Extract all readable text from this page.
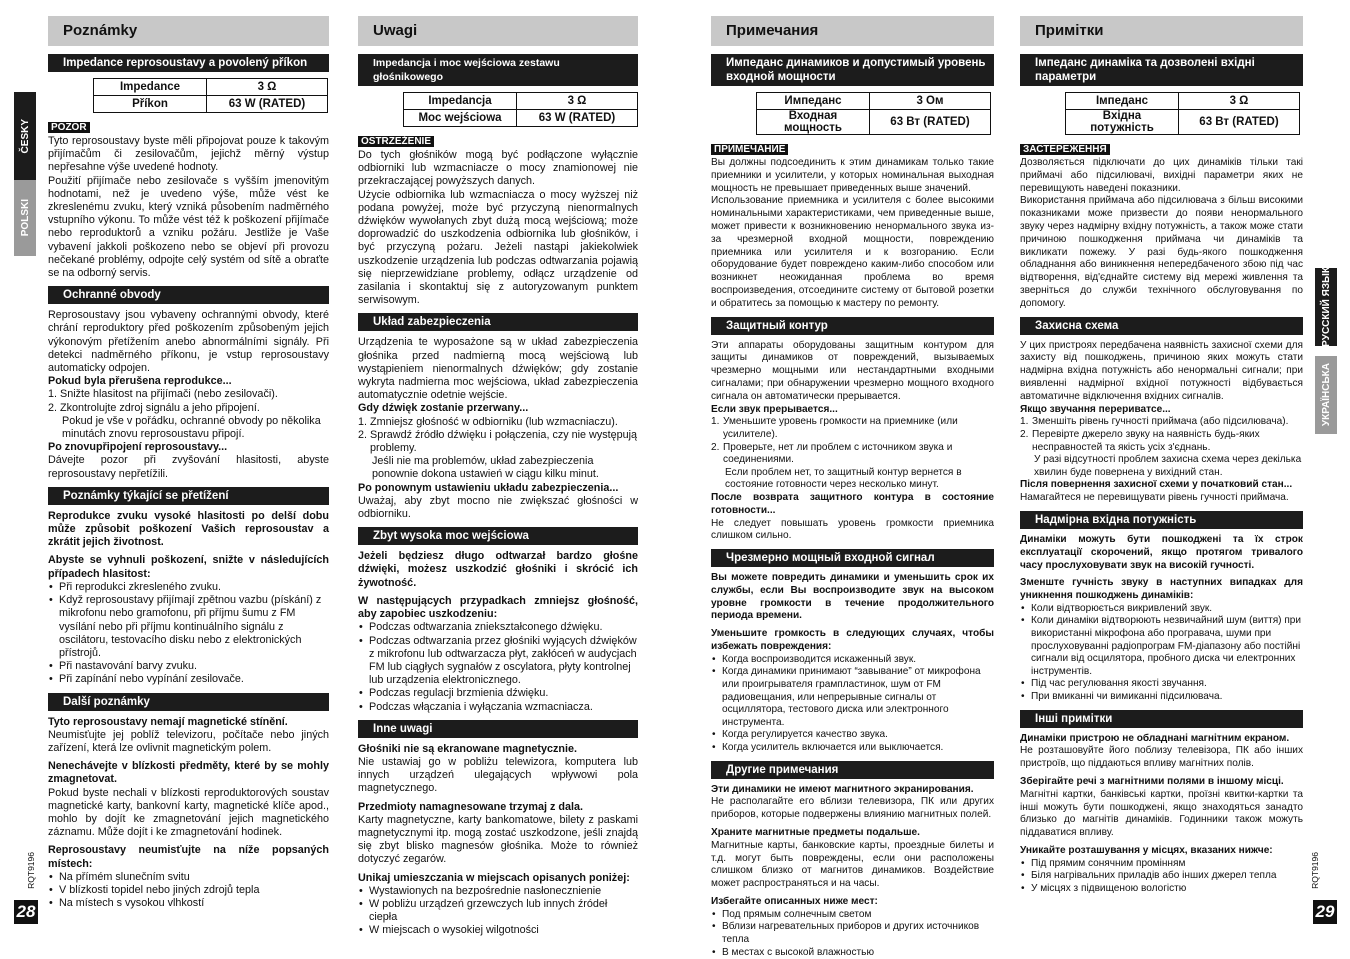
ČESKY
POLSKI
RQT9196
28
РУССКИЙ ЯЗЫК
УКРАЇНСЬКА
RQT9196
29
Poznámky
Impedance reprosoustavy a povolený příkon
Impedance	3 Ω
Příkon	63 W (RATED)
POZOR

Tyto reprosoustavy byste měli připojovat pouze k takovým přijímačům či zesilovačům, jejichž měrný výstup nepřesahne výše uvedené hodnoty.

Použití přijímače nebo zesilovače s vyšším jmenovitým hodnotami, než je uvedeno výše, může vést ke zkreslenému zvuku, který vzniká působením nadměrného vstupního výkonu. To může vést též k poškození přijímače nebo reproduktorů a vzniku požáru. Jestliže je Vaše vybavení jakkoli poškozeno nebo se objeví při provozu nečekané problémy, odpojte celý systém od sítě a obraťte se na odborný servis.

Ochranné obvody

Reprosoustavy jsou vybaveny ochrannými obvody, které chrání reproduktory před poškozením způsobeným jejich výkonovým přetížením anebo abnormálními signály. Při detekci nadměrného příkonu, je vstup reprosoustavy automaticky odpojen.

Pokud byla přerušena reprodukce...

1. Snižte hlasitost na přijímači (nebo zesilovači).
2. Zkontrolujte zdroj signálu a jeho připojení.
Pokud je vše v pořádku, ochranné obvody po několika minutách znovu reprosoustavu připojí.

Po znovupřipojení reprosoustavy...

Dávejte pozor při zvyšování hlasitosti, abyste reprosoustavy nepřetížili.

Poznámky týkající se přetížení

Reprodukce zvuku vysoké hlasitosti po delší dobu může způsobit poškození Vašich reprosoustav a zkrátit jejich životnost.

Abyste se vyhnuli poškození, snižte v následujících případech hlasitost:

• Při reprodukci zkresleného zvuku.
• Když reprosoustavy přijímají zpětnou vazbu (pískání) z mikrofonu nebo gramofonu, při příjmu šumu z FM vysílání nebo při příjmu kontinuálního signálu z oscilátoru, testovacího disku nebo z elektronických přístrojů.
• Při nastavování barvy zvuku.
• Při zapínání nebo vypínání zesilovače.
Další poznámky

Tyto reprosoustavy nemají magnetické stínění.

Neumisťujte jej poblíž televizoru, počítače nebo jiných zařízení, která lze ovlivnit magnetickým polem.

Nenechávejte v blízkosti předměty, které by se mohly zmagnetovat.

Pokud byste nechali v blízkosti reproduktorových soustav magnetické karty, bankovní karty, magnetické klíče apod., mohlo by dojít ke zmagnetování jejich magnetického záznamu. Může dojít i ke zmagnetování hodinek.

Reprosoustavy neumisťujte na níže popsaných místech:

• Na přímém slunečním svitu
• V blízkosti topidel nebo jiných zdrojů tepla
• Na místech s vysokou vlhkostí
Uwagi
Impedancja i moc wejściowa zestawu głośnikowego
Impedancja	3 Ω
Moc wejściowa	63 W (RATED)
OSTRZEŻENIE

Do tych głośników mogą być podłączone wyłącznie odbiorniki lub wzmacniacze o mocy znamionowej nie przekraczającej powyższych danych.

Użycie odbiornika lub wzmacniacza o mocy wyższej niż podana powyżej, może być przyczyną nienormalnych dźwięków wywołanych zbyt dużą mocą wejściową; może doprowadzić do uszkodzenia odbiornika lub głośników, i być przyczyną pożaru. Jeżeli nastąpi jakiekolwiek uszkodzenie urządzenia lub podczas odtwarzania pojawią się nieprzewidziane problemy, odłącz urządzenie od zasilania i skontaktuj się z autoryzowanym punktem serwisowym.

Układ zabezpieczenia

Urządzenia te wyposażone są w układ zabezpieczenia głośnika przed nadmierną mocą wejściową lub wystąpieniem nienormalnych dźwięków; gdy zostanie wykryta nadmierna moc wejściowa, układ zabezpieczenia automatycznie odetnie wejście.

Gdy dźwięk zostanie przerwany...

1. Zmniejsz głośność w odbiorniku (lub wzmacniaczu).
2. Sprawdź źródło dźwięku i połączenia, czy nie występują problemy.
Jeśli nie ma problemów, układ zabezpieczenia ponownie dokona ustawień w ciągu kilku minut.

Po ponownym ustawieniu układu zabezpieczenia...

Uważaj, aby zbyt mocno nie zwiększać głośności w odbiorniku.

Zbyt wysoka moc wejściowa

Jeżeli będziesz długo odtwarzał bardzo głośne dźwięki, możesz uszkodzić głośniki i skrócić ich żywotność.

W następujących przypadkach zmniejsz głośność, aby zapobiec uszkodzeniu:

• Podczas odtwarzania zniekształconego dźwięku.
• Podczas odtwarzania przez głośniki wyjących dźwięków z mikrofonu lub odtwarzacza płyt, zakłóceń w audycjach FM lub ciągłych sygnałów z oscylatora, płyty kontrolnej lub urządzenia elektronicznego.
• Podczas regulacji brzmienia dźwięku.
• Podczas włączania i wyłączania wzmacniacza.
Inne uwagi

Głośniki nie są ekranowane magnetycznie.

Nie ustawiaj go w pobliżu telewizora, komputera lub innych urządzeń ulegających wpływowi pola magnetycznego.

Przedmioty namagnesowane trzymaj z dala.

Karty magnetyczne, karty bankomatowe, bilety z paskami magnetycznymi itp. mogą zostać uszkodzone, jeśli znajdą się zbyt blisko magnesów głośnika. Może to również dotyczyć zegarów.

Unikaj umieszczania w miejscach opisanych poniżej:

• Wystawionych na bezpośrednie nasłonecznienie
• W pobliżu urządzeń grzewczych lub innych źródeł ciepła
• W miejscach o wysokiej wilgotności
Примечания
Импеданс динамиков и допустимый уровень входной мощности
Импеданс	3 Ом
Входная мощность	63 Вт (RATED)
ПРИМЕЧАНИЕ

Вы должны подсоединить к этим динамикам только такие приемники и усилители, у которых номинальная выходная мощность не превышает приведенных выше значений.

Использование приемника и усилителя с более высокими номинальными характеристиками, чем приведенные выше, может привести к возникновению ненормального звука из-за чрезмерной входной мощности, повреждению приемника или усилителя и к возгоранию. Если оборудование будет повреждено каким-либо способом или возникнет неожиданная проблема во время воспроизведения, отсоедините систему от бытовой розетки и обратитесь за помощью к мастеру по ремонту.

Защитный контур

Эти аппараты оборудованы защитным контуром для защиты динамиков от повреждений, вызываемых чрезмерно мощными или нестандартными входными сигналами; при обнаружении чрезмерно мощного входного сигнала он автоматически прерывается.

Если звук прерывается...

1. Уменьшите уровень громкости на приемнике (или усилителе).
2. Проверьте, нет ли проблем с источником звука и соединениями.
Если проблем нет, то защитный контур вернется в состояние готовности через несколько минут.

После возврата защитного контура в состояние готовности...

Не следует повышать уровень громкости приемника слишком сильно.

Чрезмерно мощный входной сигнал

Вы можете повредить динамики и уменьшить срок их службы, если Вы воспроизводите звук на высоком уровне громкости в течение продолжительного периода времени.

Уменьшите громкость в следующих случаях, чтобы избежать повреждения:

• Когда воспроизводится искаженный звук.
• Когда динамики принимают “завывание” от микрофона или проигрывателя грампластинок, шум от FM радиовещания, или непрерывные сигналы от осциллятора, тестового диска или электронного инструмента.
• Когда регулируется качество звука.
• Когда усилитель включается или выключается.
Другие примечания

Эти динамики не имеют магнитного экранирования.

Не располагайте его вблизи телевизора, ПК или других приборов, которые подвержены влиянию магнитных полей.

Храните магнитные предметы подальше.

Магнитные карты, банковские карты, проездные билеты и т.д. могут быть повреждены, если они расположены слишком близко от магнитов динамиков. Воздействие может распространяться и на часы.

Избегайте описанных ниже мест:

• Под прямым солнечным светом
• Вблизи нагревательных приборов и других источников тепла
• В местах с высокой влажностью
Примітки
Імпеданс динаміка та дозволені вхідні параметри
Імпеданс	3 Ω
Вхідна потужність	63 Вт (RATED)
ЗАСТЕРЕЖЕННЯ

Дозволяється підключати до цих динаміків тільки такі приймачі або підсилювачі, вихідні параметри яких не перевищують наведені показники.

Використання приймача або підсилювача з більш високими показниками може призвести до появи ненормального звуку через надмірну вхідну потужність, а також може стати причиною пошкодження приймача чи динаміків та викликати пожежу. У разі будь-якого пошкодження обладнання або виникнення непередбаченого збою під час відтворення, від'єднайте систему від мережі живлення та зверніться до служби технічного обслуговування по допомогу.

Захисна схема

У цих пристроях передбачена наявність захисної схеми для захисту від пошкоджень, причиною яких можуть стати надмірна вхідна потужність або ненормальні сигнали; при виявленні надмірної вхідної потужності відбувається автоматичне відключення вхідних сигналів.

Якщо звучання перериватсе...

1. Зменшіть рівень гучності приймача (або підсилювача).
2. Перевірте джерело звуку на наявність будь-яких несправностей та якість усіх з'єднань.
У разі відсутності проблем захисна схема через декілька хвилин буде повернена у вихідний стан.

Після повернення захисної схеми у початковий стан...

Намагайтеся не перевищувати рівень гучності приймача.

Надмірна вхідна потужність

Динаміки можуть бути пошкоджені та їх строк експлуатації скорочений, якщо протягом тривалого часу прослуховувати звук на високій гучності.

Зменште гучність звуку в наступних випадках для уникнення пошкоджень динаміків:

• Коли відтворюється викривлений звук.
• Коли динаміки відтворюють незвичайний шум (виття) при використанні мікрофона або програвача, шуми при прослуховуванні радіопрограм FM-діапазону або постійні сигнали від осцилятора, пробного диска чи електронних інструментів.
• Під час регулювання якості звучання.
• При вмиканні чи вимиканні підсилювача.
Інші примітки

Динаміки пристрою не обладнані магнітним екраном.

Не розташовуйте його поблизу телевізора, ПК або інших пристроїв, що піддаються впливу магнітних полів.

Зберігайте речі з магнітними полями в іншому місці.

Магнітні картки, банківські картки, проїзні квитки-картки та інші можуть бути пошкоджені, якщо знаходяться занадто близько до магнітів динаміків. Годинники також можуть піддаватися впливу.

Уникайте розташування у місцях, вказаних нижче:

• Під прямим сонячним промінням
• Біля нагрівальних приладів або інших джерел тепла
• У місцях з підвищеною вологістю
